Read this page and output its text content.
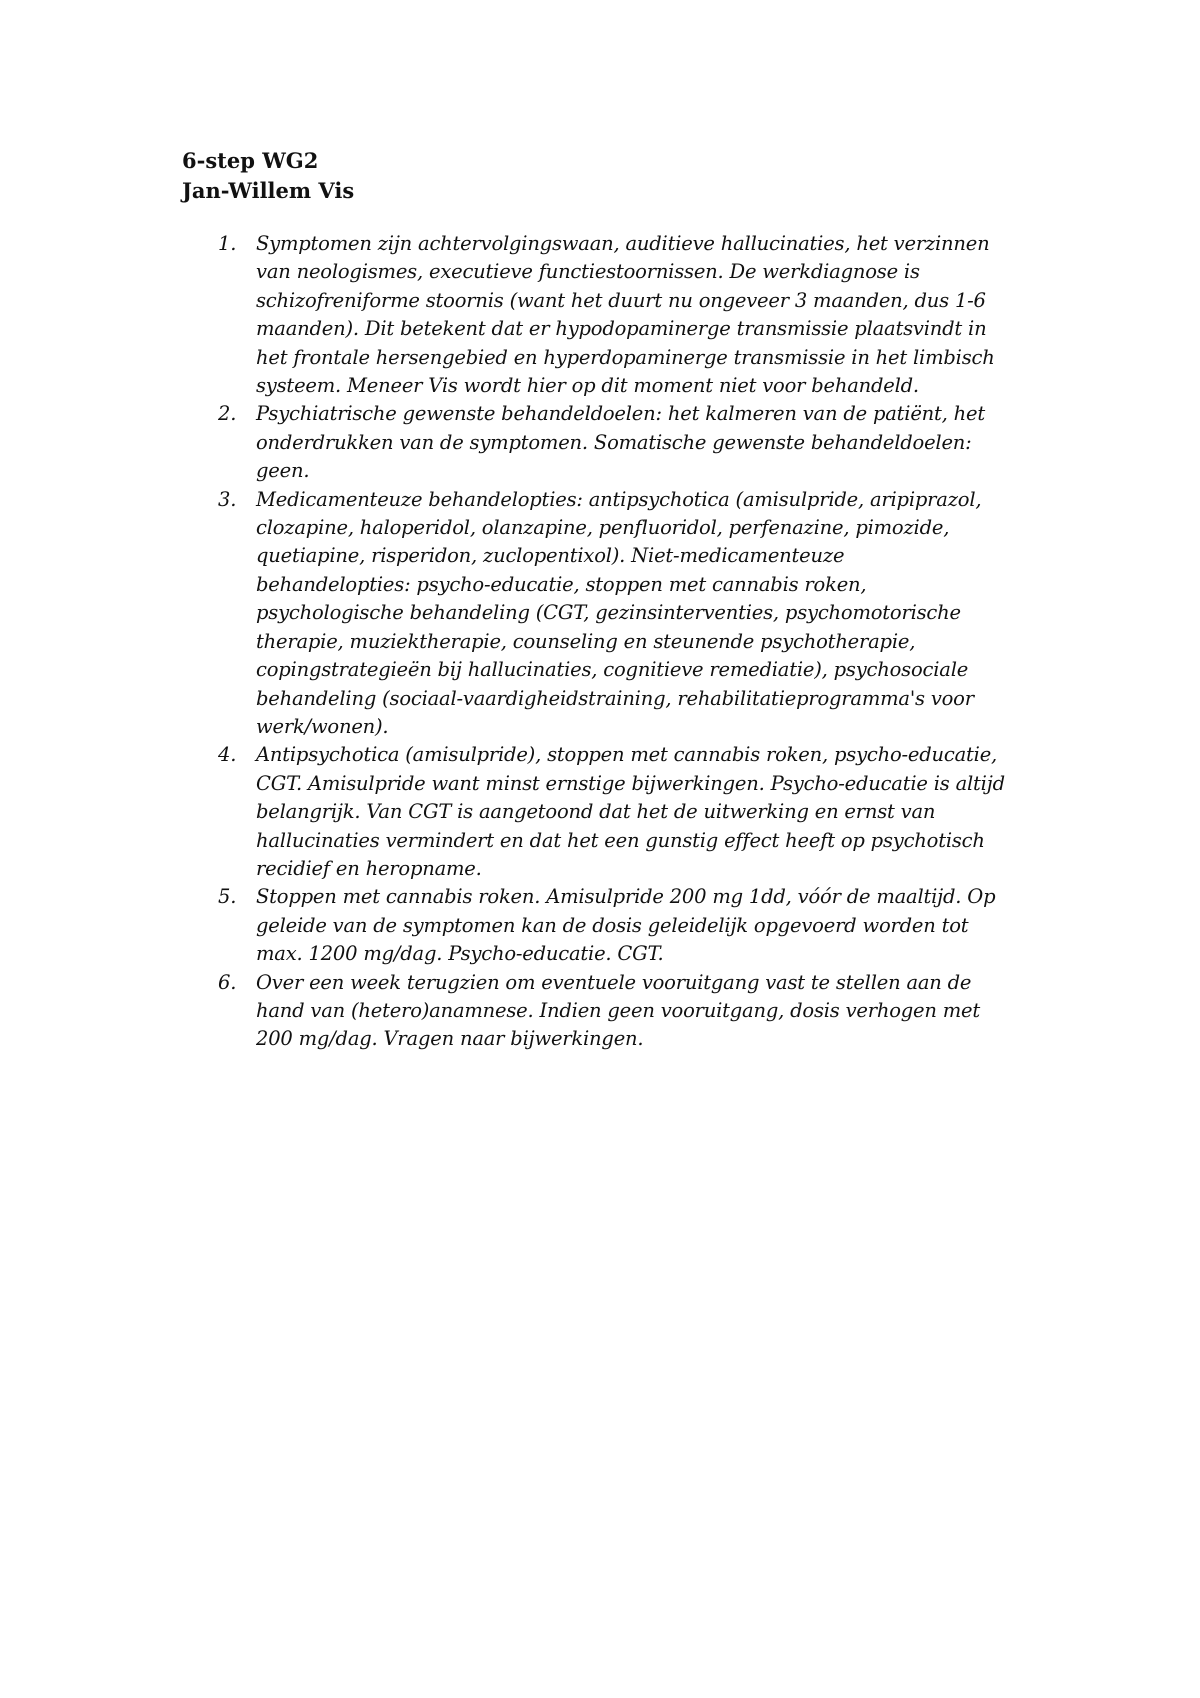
6-step WG2
Jan-Willem Vis
1.	Symptomen zijn achtervolgingswaan, auditieve hallucinaties, het verzinnen
van neologismes, executieve functiestoornissen. De werkdiagnose is
schizofreniforme stoornis (want het duurt nu ongeveer 3 maanden, dus 1-6
maanden). Dit betekent dat er hypodopaminerge transmissie plaatsvindt in
het frontale hersengebied en hyperdopaminerge transmissie in het limbisch
systeem. Meneer Vis wordt hier op dit moment niet voor behandeld.
2.	Psychiatrische gewenste behandeldoelen: het kalmeren van de patiënt, het
onderdrukken van de symptomen. Somatische gewenste behandeldoelen:
geen.
3.	Medicamenteuze behandelopties: antipsychotica (amisulpride, aripiprazol,
clozapine, haloperidol, olanzapine, penfluoridol, perfenazine, pimozide,
quetiapine, risperidon, zuclopentixol). Niet-medicamenteuze
behandelopties: psycho-educatie, stoppen met cannabis roken,
psychologische behandeling (CGT, gezinsinterventies, psychomotorische
therapie, muziektherapie, counseling en steunende psychotherapie,
copingstrategieën bij hallucinaties, cognitieve remediatie), psychosociale
behandeling (sociaal-vaardigheidstraining, rehabilitatieprogramma's voor
werk/wonen).
4.	Antipsychotica (amisulpride), stoppen met cannabis roken, psycho-educatie,
CGT. Amisulpride want minst ernstige bijwerkingen. Psycho-educatie is altijd
belangrijk. Van CGT is aangetoond dat het de uitwerking en ernst van
hallucinaties vermindert en dat het een gunstig effect heeft op psychotisch
recidief en heropname.
5.	Stoppen met cannabis roken. Amisulpride 200 mg 1dd, vóór de maaltijd. Op
geleide van de symptomen kan de dosis geleidelijk opgevoerd worden tot
max. 1200 mg/dag. Psycho-educatie. CGT.
6.	Over een week terugzien om eventuele vooruitgang vast te stellen aan de
hand van (hetero)anamnese. Indien geen vooruitgang, dosis verhogen met
200 mg/dag. Vragen naar bijwerkingen.
